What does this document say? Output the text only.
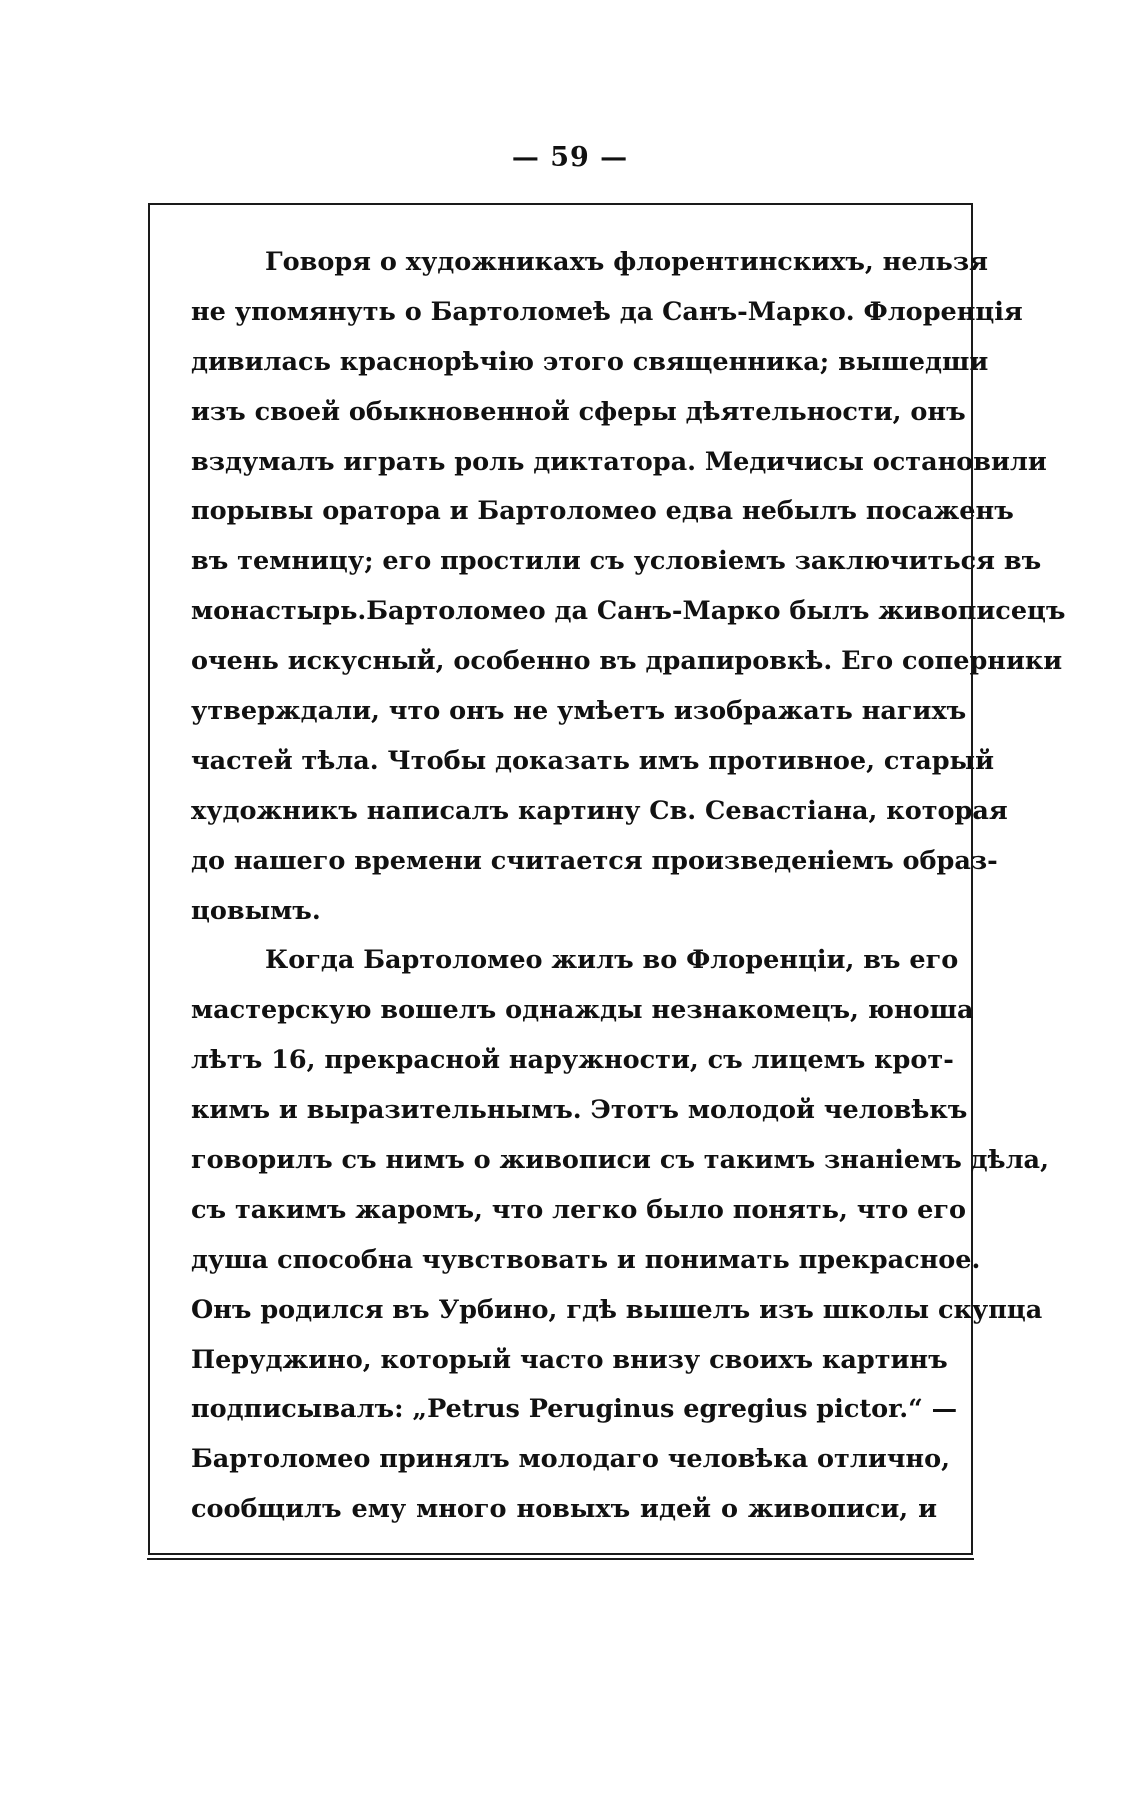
— 59 —
Говоря о художникахъ флорентинскихъ, нельзя
не упомянуть о Бартоломеѣ да Санъ-Марко. Флоренція
дивилась краснорѣчію этого священника; вышедши
изъ своей обыкновенной сферы дѣятельности, онъ
вздумалъ играть роль диктатора. Медичисы остановили
порывы оратора и Бартоломео едва небылъ посаженъ
въ темницу; его простили съ условіемъ заключиться въ
монастырь.Бартоломео да Санъ-Марко былъ живописецъ
очень искусный, особенно въ драпировкѣ. Его соперники
утверждали, что онъ не умѣетъ изображать нагихъ
частей тѣла. Чтобы доказать имъ противное, старый
художникъ написалъ картину Св. Севастіана, которая
до нашего времени считается произведеніемъ образ-
цовымъ.
Когда Бартоломео жилъ во Флоренціи, въ его
мастерскую вошелъ однажды незнакомецъ, юноша
лѣтъ 16, прекрасной наружности, съ лицемъ крот-
кимъ и выразительнымъ. Этотъ молодой человѣкъ
говорилъ съ нимъ о живописи съ такимъ знаніемъ дѣла,
съ такимъ жаромъ, что легко было понять, что его
душа способна чувствовать и понимать прекрасное.
Онъ родился въ Урбино, гдѣ вышелъ изъ школы скупца
Перуджино, который часто внизу своихъ картинъ
подписывалъ: „Petrus Peruginus egregius pictor.“ —
Бартоломео принялъ молодаго человѣка отлично,
сообщилъ ему много новыхъ идей о живописи, и
